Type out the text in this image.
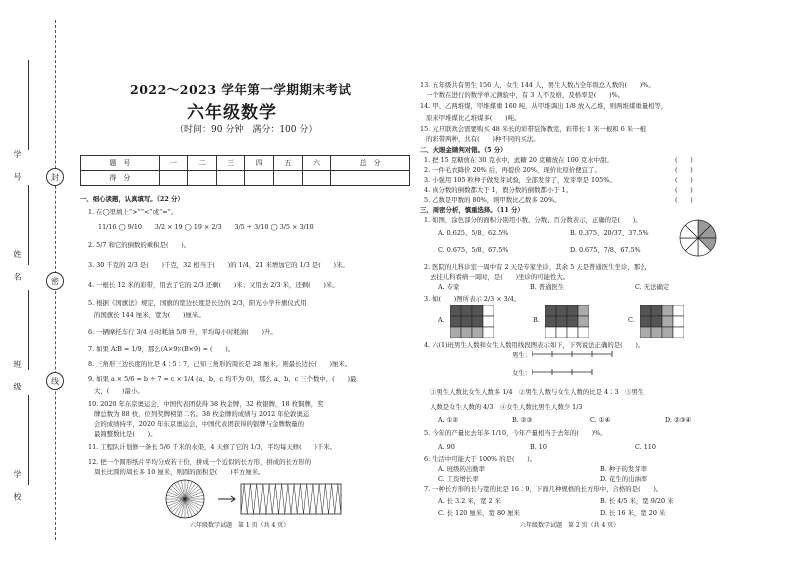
学 号
姓 名
班 级
学 校
封
密
线
2022～2023 学年第一学期期末考试
六年级数学
（时间：90 分钟　满分：100 分）
题　号	一	二	三	四	五	六	总　分
得　分							
一、细心读题，认真填写。（22 分）
1. 在◯里填上“>”“<”或“=”。
11/16 ◯ 9/10　　3/2 × 19 ◯ 19 × 2/3　　3/5 ÷ 3/10 ◯ 3/5 × 3/10
2. 5/7 和它的倒数的乘积是(　　)。
3. 30 千克的 2/3 是(　　)千克，32 相当于(　　)的 1/4，21 米增加它的 1/3 是(　　)米。
4. 一根长 12 米的彩带，用去了它的 2/3 还剩(　　)米；又用去 2/3 米，还剩(　　)米。
5. 根据《国旗法》规定，国旗的宽边长度是长边的 2/3，阳光小学升旗仪式用
的国旗长 144 厘米，宽为(　　)厘米。
6. 一辆摩托车行 3/4 小时耗油 5/8 升，平均每小时耗油(　　)升。
7. 如果 A∶B = 1/9，那么(A×9)∶(B×9) = (　　)。
8. 三角形三边长度的比是 4∶5∶7，已知三角形的周长是 28 厘米，则最长边长(　　)厘米。
9. 如果 a × 5/6 = b ÷ 7 = c × 1/4 (a、b、c 均不为 0)，那么 a、b、c 三个数中，(　　)最
大，(　　)最小。
10. 2020 年东京奥运会，中国代表团获得 38 枚金牌，32 枚银牌，18 枚铜牌，奖
牌总数为 88 枚，位列奖牌榜第二名。38 枚金牌的成绩与 2012 年伦敦奥运
会的成绩持平，2020 年东京奥运会，中国代表团获得的银牌与金牌数量的
最简整数比是(　　)。
11. 工程队计划修一条长 5/6 千米的水渠，4 天修了它的 1/3，平均每天修(　　)千米。
12. 把一个圆形纸片平均分成若干份，拼成一个近似的长方形，拼成的长方形的
周长比圆的周长多 10 厘米，则圆的面积是(　　)平方厘米。
六年级数学试题　第 1 页（共 4 页）
13. 五年级共有男生 156 人，女生 144 人，男生人数占全年级总人数的(　　)%。
一个数在进行的数学单元测验中，有 3 人不及格，及格率是(　　)%。
14. 甲、乙两堆煤，甲堆煤重 160 吨，从甲堆调出 1/8 放入乙堆，则两堆煤重量相等，
原来甲堆煤比乙堆煤多(　　)吨。
15. 元旦联欢会需要购买 48 米长的彩带装饰教室，彩带长 1 米一根和 6 米一根
的彩带两种，共有(　　)种不同的买法。
二、火眼金睛判对错。（5 分）
1. 把 15 克糖放在 30 克水中，此糖 20 克糖放在 100 克水中甜。	(　　)
2. 一件毛衣降价 20% 后，再提价 20%，现价比原价便宜了。	(　　)
3. 小强用 105 粒种子做发芽试验，全部发芽了，发芽率是 105%。	(　　)
4. 真分数的倒数都大于 1，假分数的倒数都小于 1。	(　　)
5. 乙数是甲数的 80%，则甲数比乙数多 20%。	(　　)
三、周密分析，慎重选择。（11 分）
1. 如图，涂色部分的面积分别用小数、分数、百分数表示，正确的是(　　)。
A. 0.625、5/8、62.5%	B. 0.375、20/37、37.5%
C. 0.675、5/8、67.5%	D. 0.675、7/8、67.5%
2. 医院的儿科诊室一周中有 2 天是专家坐诊，其余 5 天是普通医生坐诊，那么
去挂儿科看病一周时，是(　　)坐诊的可能性大。
A. 专家	B. 普通医生	C. 无法确定
3. 如(　　)图所表示 2/3 × 3/4。
A.	B.	C.
4. 六(1)班男生人数和女生人数用线段图表示如下，下列说法正确的是(　　)。
男生：
女生：
①男生人数比女生人数多 1/4　②男生人数与女生人数的比是 4∶3　③男生
人数是女生人数的 4/3　④女生人数比男生人数少 1/3
A. ①②	B. ②③	C. ①④	D. ②③④
5. 今年的产量比去年多 1/10，今年产量相当于去年的(　　)%。
A. 90	B. 10	C. 110
6. 生活中可能大于 100% 的是(　　)。
A. 班级的出勤率	B. 种子的发芽率
C. 工资增长率	D. 花生的出油率
7. 一种长方形的长与宽的比是 16∶9，下面几种规格的长方形中，合格的是(　　)。
A. 长 3.2 米，宽 2 米	B. 长 4/5 米，宽 9/20 米
C. 长 120 厘米，宽 80 厘米	D. 长 16 米，宽 20 米
六年级数学试题　第 2 页（共 4 页）
